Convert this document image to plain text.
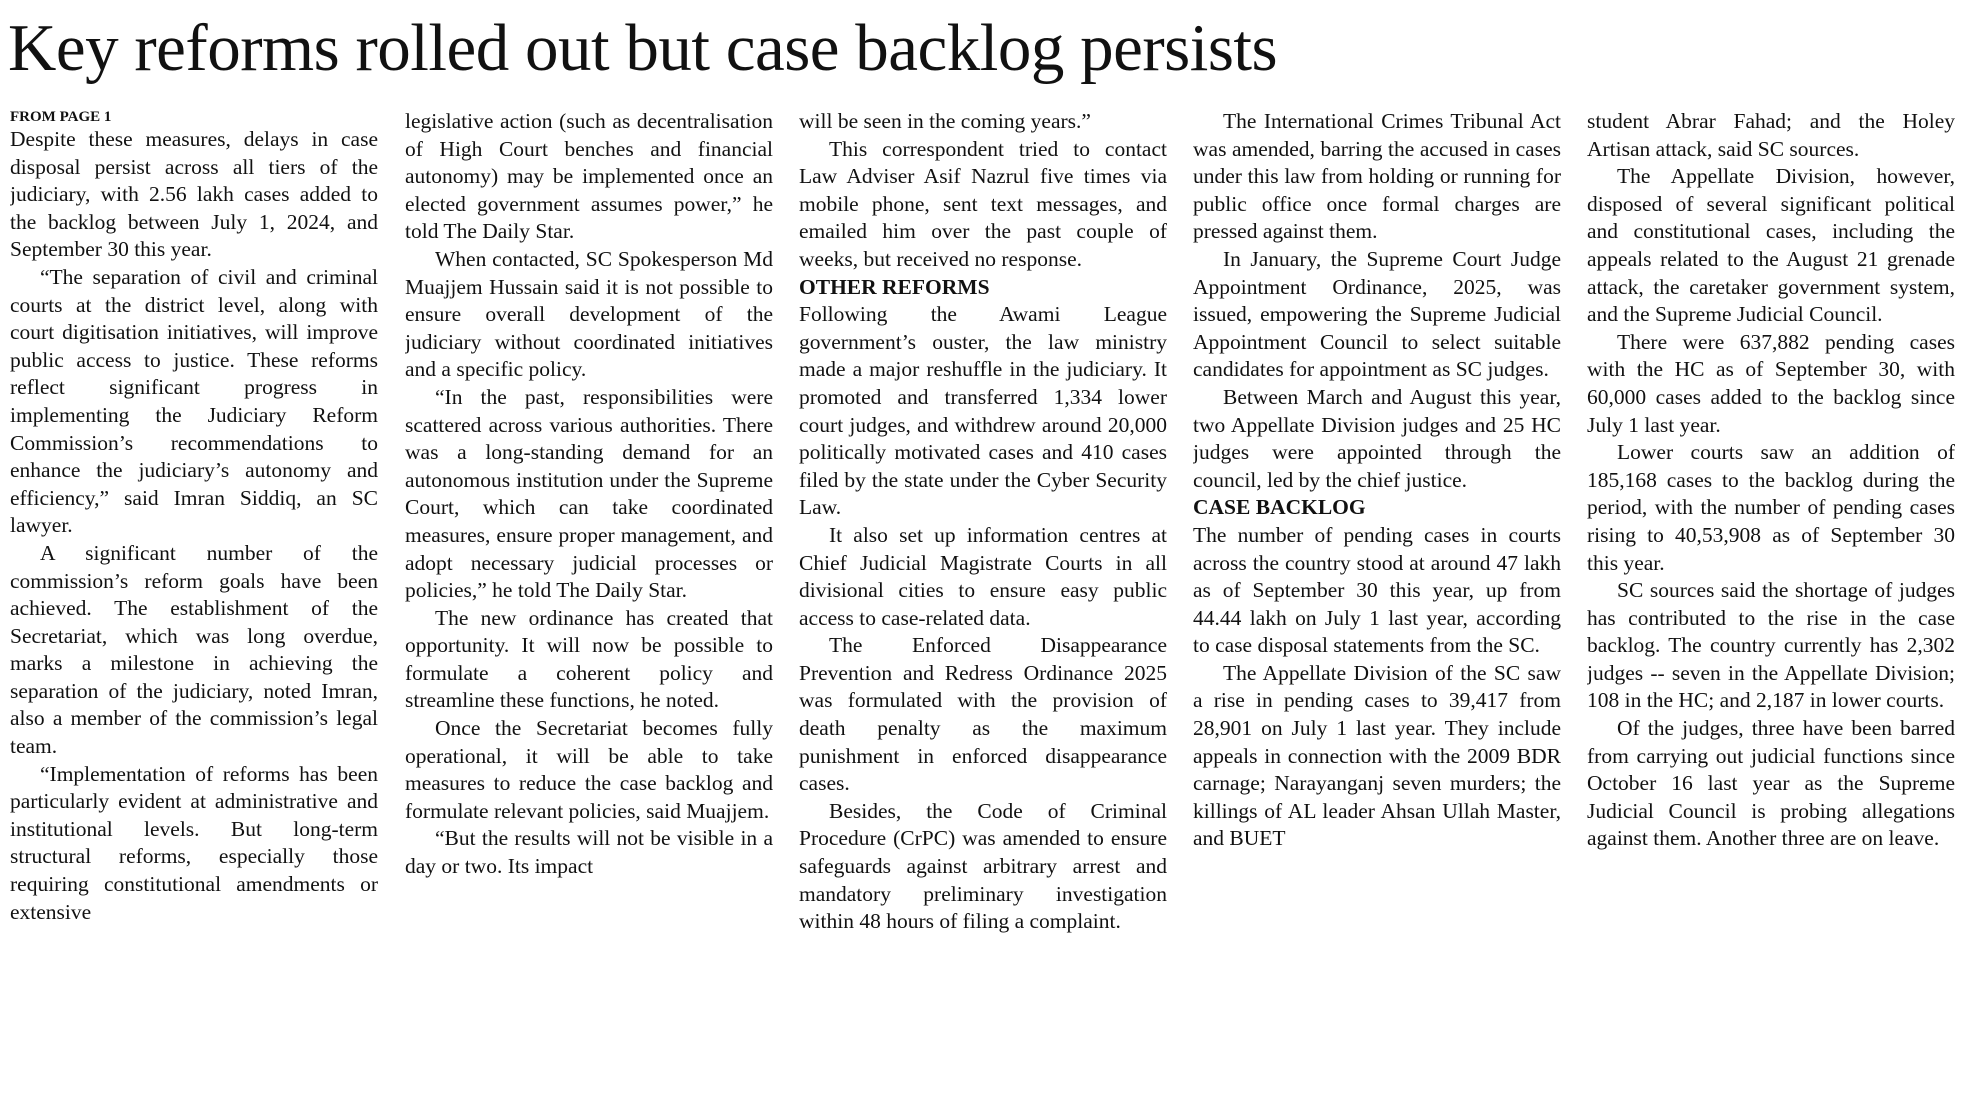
Key reforms rolled out but case backlog persists

FROM PAGE 1

Despite these measures, delays in case disposal persist across all tiers of the judiciary, with 2.56 lakh cases added to the backlog between July 1, 2024, and September 30 this year.

“The separation of civil and criminal courts at the district level, along with court digitisation initiatives, will improve public access to justice. These reforms reflect significant progress in implementing the Judiciary Reform Commission’s recommendations to enhance the judiciary’s autonomy and efficiency,” said Imran Siddiq, an SC lawyer.

A significant number of the commission’s reform goals have been achieved. The establishment of the Secretariat, which was long overdue, marks a milestone in achieving the separation of the judiciary, noted Imran, also a member of the commission’s legal team.

“Implementation of reforms has been particularly evident at administrative and institutional levels. But long-term structural reforms, especially those requiring constitutional amendments or extensive

legislative action (such as decentralisation of High Court benches and financial autonomy) may be implemented once an elected government assumes power,” he told The Daily Star.

When contacted, SC Spokesperson Md Muajjem Hussain said it is not possible to ensure overall development of the judiciary without coordinated initiatives and a specific policy.

“In the past, responsibilities were scattered across various authorities. There was a long-standing demand for an autonomous institution under the Supreme Court, which can take coordinated measures, ensure proper management, and adopt necessary judicial processes or policies,” he told The Daily Star.

The new ordinance has created that opportunity. It will now be possible to formulate a coherent policy and streamline these functions, he noted.

Once the Secretariat becomes fully operational, it will be able to take measures to reduce the case backlog and formulate relevant policies, said Muajjem.

“But the results will not be visible in a day or two. Its impact

will be seen in the coming years.”

This correspondent tried to contact Law Adviser Asif Nazrul five times via mobile phone, sent text messages, and emailed him over the past couple of weeks, but received no response.

OTHER REFORMS

Following the Awami League government’s ouster, the law ministry made a major reshuffle in the judiciary. It promoted and transferred 1,334 lower court judges, and withdrew around 20,000 politically motivated cases and 410 cases filed by the state under the Cyber Security Law.

It also set up information centres at Chief Judicial Magistrate Courts in all divisional cities to ensure easy public access to case-related data.

The Enforced Disappearance Prevention and Redress Ordinance 2025 was formulated with the provision of death penalty as the maximum punishment in enforced disappearance cases.

Besides, the Code of Criminal Procedure (CrPC) was amended to ensure safeguards against arbitrary arrest and mandatory preliminary investigation within 48 hours of filing a complaint.

The International Crimes Tribunal Act was amended, barring the accused in cases under this law from holding or running for public office once formal charges are pressed against them.

In January, the Supreme Court Judge Appointment Ordinance, 2025, was issued, empowering the Supreme Judicial Appointment Council to select suitable candidates for appointment as SC judges.

Between March and August this year, two Appellate Division judges and 25 HC judges were appointed through the council, led by the chief justice.

CASE BACKLOG

The number of pending cases in courts across the country stood at around 47 lakh as of September 30 this year, up from 44.44 lakh on July 1 last year, according to case disposal statements from the SC.

The Appellate Division of the SC saw a rise in pending cases to 39,417 from 28,901 on July 1 last year. They include appeals in connection with the 2009 BDR carnage; Narayanganj seven murders; the killings of AL leader Ahsan Ullah Master, and BUET

student Abrar Fahad; and the Holey Artisan attack, said SC sources.

The Appellate Division, however, disposed of several significant political and constitutional cases, including the appeals related to the August 21 grenade attack, the caretaker government system, and the Supreme Judicial Council.

There were 637,882 pending cases with the HC as of September 30, with 60,000 cases added to the backlog since July 1 last year.

Lower courts saw an addition of 185,168 cases to the backlog during the period, with the number of pending cases rising to 40,53,908 as of September 30 this year.

SC sources said the shortage of judges has contributed to the rise in the case backlog. The country currently has 2,302 judges -- seven in the Appellate Division; 108 in the HC; and 2,187 in lower courts.

Of the judges, three have been barred from carrying out judicial functions since October 16 last year as the Supreme Judicial Council is probing allegations against them. Another three are on leave.
